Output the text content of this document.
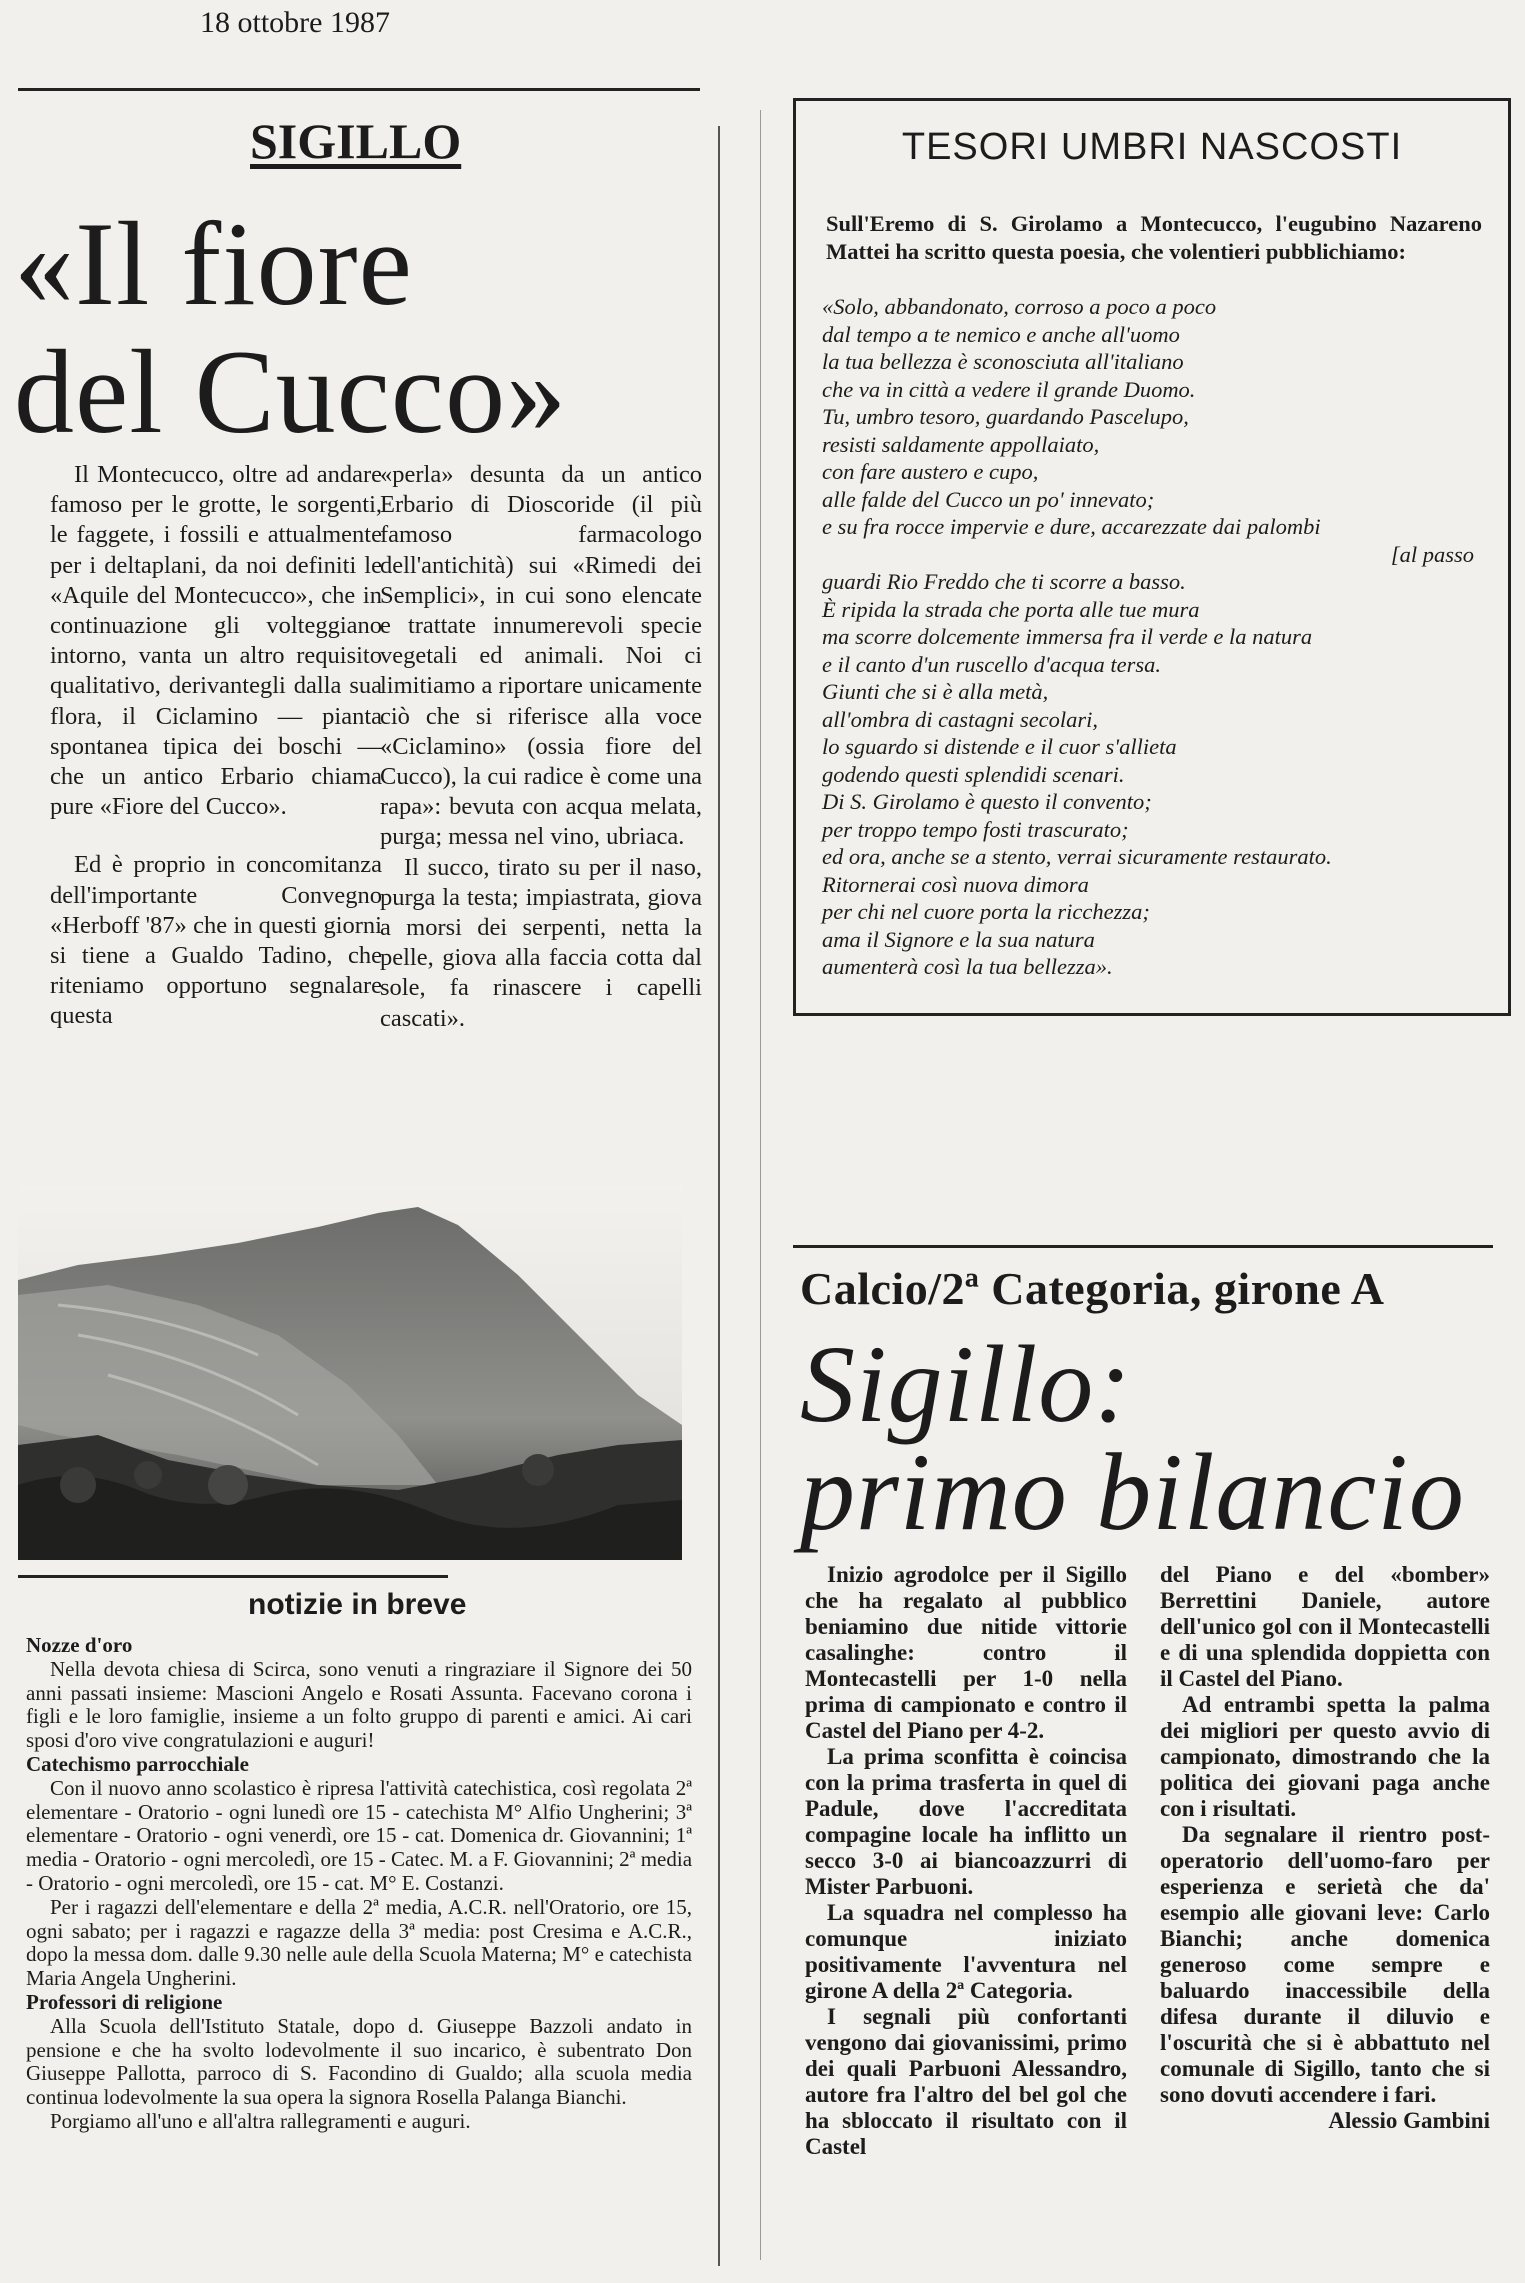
18 ottobre 1987
SIGILLO
«Il fiore
del Cucco»

Il Montecucco, oltre ad andare famoso per le grotte, le sorgenti, le faggete, i fossili e attualmente per i deltaplani, da noi definiti le «Aquile del Montecucco», che in continuazione gli volteggiano intorno, vanta un altro requisito qualitativo, derivantegli dalla sua flora, il Ciclamino — pianta spontanea tipica dei boschi — che un antico Erbario chiama pure «Fiore del Cucco».

Ed è proprio in concomitanza dell'importante Convegno «Herboff '87» che in questi giorni si tiene a Gualdo Tadino, che riteniamo opportuno segnalare questa

«perla» desunta da un antico Erbario di Dioscoride (il più famoso farmacologo dell'antichità) sui «Rimedi dei Semplici», in cui sono elencate e trattate innumerevoli specie vegetali ed animali. Noi ci limitiamo a riportare unicamente ciò che si riferisce alla voce «Ciclamino» (ossia fiore del Cucco), la cui radice è come una rapa»: bevuta con acqua melata, purga; messa nel vino, ubriaca.

Il succo, tirato su per il naso, purga la testa; impiastrata, giova a morsi dei serpenti, netta la pelle, giova alla faccia cotta dal sole, fa rinascere i capelli cascati».

TESORI UMBRI NASCOSTI
Sull'Eremo di S. Girolamo a Montecucco, l'eugubino Nazareno Mattei ha scritto questa poesia, che volentieri pubblichiamo:
«Solo, abbandonato, corroso a poco a poco
dal tempo a te nemico e anche all'uomo
la tua bellezza è sconosciuta all'italiano
che va in città a vedere il grande Duomo.
Tu, umbro tesoro, guardando Pascelupo,
resisti saldamente appollaiato,
con fare austero e cupo,
alle falde del Cucco un po' innevato;
e su fra rocce impervie e dure, accarezzate dai palombi
[al passo
guardi Rio Freddo che ti scorre a basso.
È ripida la strada che porta alle tue mura
ma scorre dolcemente immersa fra il verde e la natura
e il canto d'un ruscello d'acqua tersa.
Giunti che si è alla metà,
all'ombra di castagni secolari,
lo sguardo si distende e il cuor s'allieta
godendo questi splendidi scenari.
Di S. Girolamo è questo il convento;
per troppo tempo fosti trascurato;
ed ora, anche se a stento, verrai sicuramente restaurato.
Ritornerai così nuova dimora
per chi nel cuore porta la ricchezza;
ama il Signore e la sua natura
aumenterà così la tua bellezza».
notizie in breve

Nozze d'oro

Nella devota chiesa di Scirca, sono venuti a ringraziare il Signore dei 50 anni passati insieme: Mascioni Angelo e Rosati Assunta. Facevano corona i figli e le loro famiglie, insieme a un folto gruppo di parenti e amici. Ai cari sposi d'oro vive congratulazioni e auguri!

Catechismo parrocchiale

Con il nuovo anno scolastico è ripresa l'attività catechistica, così regolata 2ª elementare - Oratorio - ogni lunedì ore 15 - catechista M° Alfio Ungherini; 3ª elementare - Oratorio - ogni venerdì, ore 15 - cat. Domenica dr. Giovannini; 1ª media - Oratorio - ogni mercoledì, ore 15 - Catec. M. a F. Giovannini; 2ª media - Oratorio - ogni mercoledì, ore 15 - cat. M° E. Costanzi.

Per i ragazzi dell'elementare e della 2ª media, A.C.R. nell'Oratorio, ore 15, ogni sabato; per i ragazzi e ragazze della 3ª media: post Cresima e A.C.R., dopo la messa dom. dalle 9.30 nelle aule della Scuola Materna; M° e catechista Maria Angela Ungherini.

Professori di religione

Alla Scuola dell'Istituto Statale, dopo d. Giuseppe Bazzoli andato in pensione e che ha svolto lodevolmente il suo incarico, è subentrato Don Giuseppe Pallotta, parroco di S. Facondino di Gualdo; alla scuola media continua lodevolmente la sua opera la signora Rosella Palanga Bianchi.

Porgiamo all'uno e all'altra rallegramenti e auguri.

Calcio/2ª Categoria, girone A
Sigillo:
primo bilancio

Inizio agrodolce per il Sigillo che ha regalato al pubblico beniamino due nitide vittorie casalinghe: contro il Montecastelli per 1-0 nella prima di campionato e contro il Castel del Piano per 4-2.

La prima sconfitta è coincisa con la prima trasferta in quel di Padule, dove l'accreditata compagine locale ha inflitto un secco 3-0 ai biancoazzurri di Mister Parbuoni.

La squadra nel complesso ha comunque iniziato positivamente l'avventura nel girone A della 2ª Categoria.

I segnali più confortanti vengono dai giovanissimi, primo dei quali Parbuoni Alessandro, autore fra l'altro del bel gol che ha sbloccato il risultato con il Castel

del Piano e del «bomber» Berrettini Daniele, autore dell'unico gol con il Montecastelli e di una splendida doppietta con il Castel del Piano.

Ad entrambi spetta la palma dei migliori per questo avvio di campionato, dimostrando che la politica dei giovani paga anche con i risultati.

Da segnalare il rientro post-operatorio dell'uomo-faro per esperienza e serietà che da' esempio alle giovani leve: Carlo Bianchi; anche domenica generoso come sempre e baluardo inaccessibile della difesa durante il diluvio e l'oscurità che si è abbattuto nel comunale di Sigillo, tanto che si sono dovuti accendere i fari.

Alessio Gambini
